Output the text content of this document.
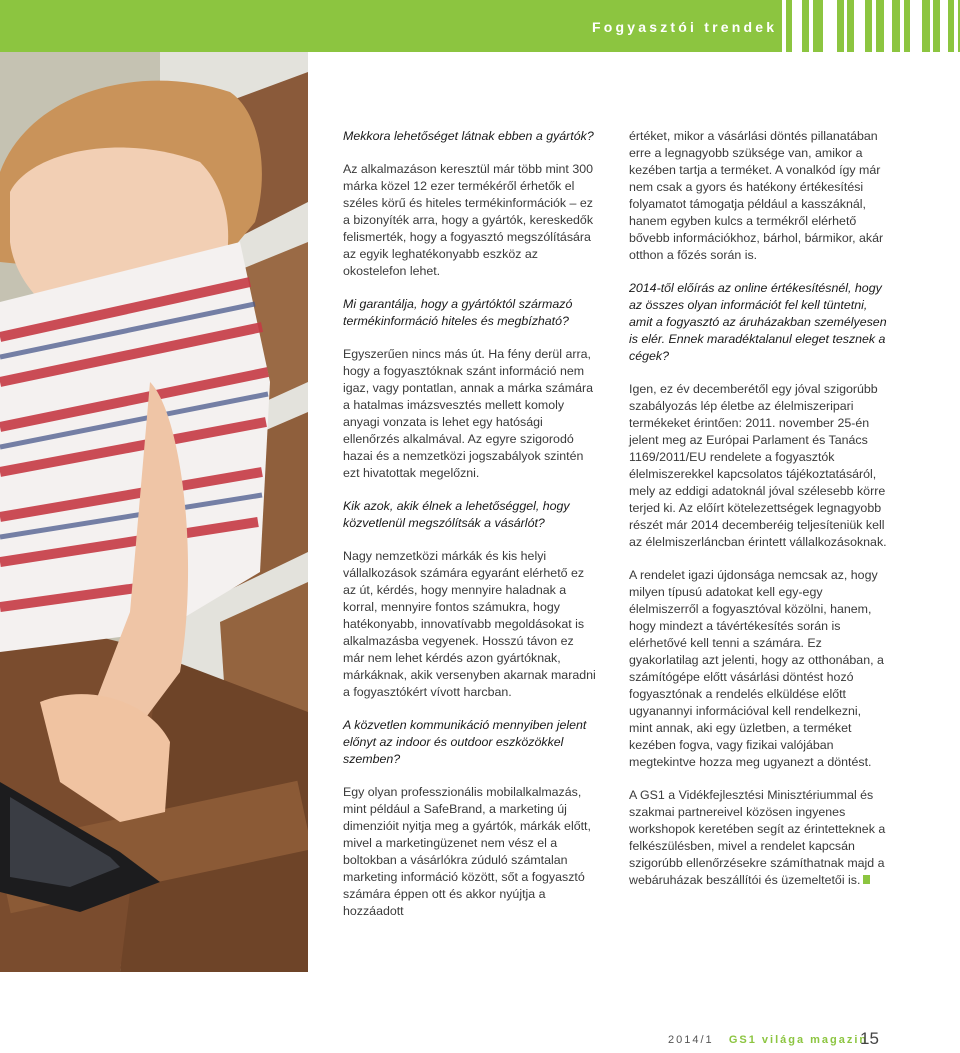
Fogyasztói trendek

Mekkora lehetőséget látnak ebben a gyártók?

Az alkalmazáson keresztül már több mint 300 márka közel 12 ezer termékéről érhetők el széles körű és hiteles termékinformációk – ez a bizonyíték arra, hogy a gyártók, kereskedők felismerték, hogy a fogyasztó megszólítására az egyik leghatékonyabb eszköz az okostelefon lehet.

Mi garantálja, hogy a gyártóktól származó termékinformáció hiteles és megbízható?

Egyszerűen nincs más út. Ha fény derül arra, hogy a fogyasztóknak szánt információ nem igaz, vagy pontatlan, annak a márka számára a hatalmas imázsvesztés mellett komoly anyagi vonzata is lehet egy hatósági ellenőrzés alkalmával. Az egyre szigorodó hazai és a nemzetközi jogszabályok szintén ezt hivatottak megelőzni.

Kik azok, akik élnek a lehetőséggel, hogy közvetlenül megszólítsák a vásárlót?

Nagy nemzetközi márkák és kis helyi vállalkozások számára egyaránt elérhető ez az út, kérdés, hogy mennyire haladnak a korral, mennyire fontos számukra, hogy hatékonyabb, innovatívabb megoldásokat is alkalmazásba vegyenek. Hosszú távon ez már nem lehet kérdés azon gyártóknak, márkáknak, akik versenyben akarnak maradni a fogyasztókért vívott harcban.

A közvetlen kommunikáció mennyiben jelent előnyt az indoor és outdoor eszközökkel szemben?

Egy olyan professzionális mobilalkalmazás, mint például a SafeBrand, a marketing új dimenzióit nyitja meg a gyártók, márkák előtt, mivel a marketingüzenet nem vész el a boltokban a vásárlókra zúduló számtalan marketing információ között, sőt a fogyasztó számára éppen ott és akkor nyújtja a hozzáadott

értéket, mikor a vásárlási döntés pillanatában erre a legnagyobb szüksége van, amikor a kezében tartja a terméket. A vonalkód így már nem csak a gyors és hatékony értékesítési folyamatot támogatja például a kasszáknál, hanem egyben kulcs a termékről elérhető bővebb információkhoz, bárhol, bármikor, akár otthon a főzés során is.

2014-től előírás az online értékesítésnél, hogy az összes olyan információt fel kell tüntetni, amit a fogyasztó az áruházakban személyesen is elér. Ennek maradéktalanul eleget tesznek a cégek?

Igen, ez év decemberétől egy jóval szigorúbb szabályozás lép életbe az élelmiszeripari termékeket érintően: 2011. november 25-én jelent meg az Európai Parlament és Tanács 1169/2011/EU rendelete a fogyasztók élelmiszerekkel kapcsolatos tájékoztatásáról, mely az eddigi adatoknál jóval szélesebb körre terjed ki. Az előírt kötelezettségek legnagyobb részét már 2014 decemberéig teljesíteniük kell az élelmiszerláncban érintett vállalkozásoknak.

A rendelet igazi újdonsága nemcsak az, hogy milyen típusú adatokat kell egy-egy élelmiszerről a fogyasztóval közölni, hanem, hogy mindezt a távértékesítés során is elérhetővé kell tenni a számára. Ez gyakorlatilag azt jelenti, hogy az otthonában, a számítógépe előtt vásárlási döntést hozó fogyasztónak a rendelés elküldése előtt ugyanannyi információval kell rendelkezni, mint annak, aki egy üzletben, a terméket kezében fogva, vagy fizikai valójában megtekintve hozza meg ugyanezt a döntést.

A GS1 a Vidékfejlesztési Minisztériummal és szakmai partnereivel közösen ingyenes workshopok keretében segít az érintetteknek a felkészülésben, mivel a rendelet kapcsán szigorúbb ellenőrzésekre számíthatnak majd a webáruházak beszállítói és üzemeltetői is.

2014/1 GS1 világa magazin
15
